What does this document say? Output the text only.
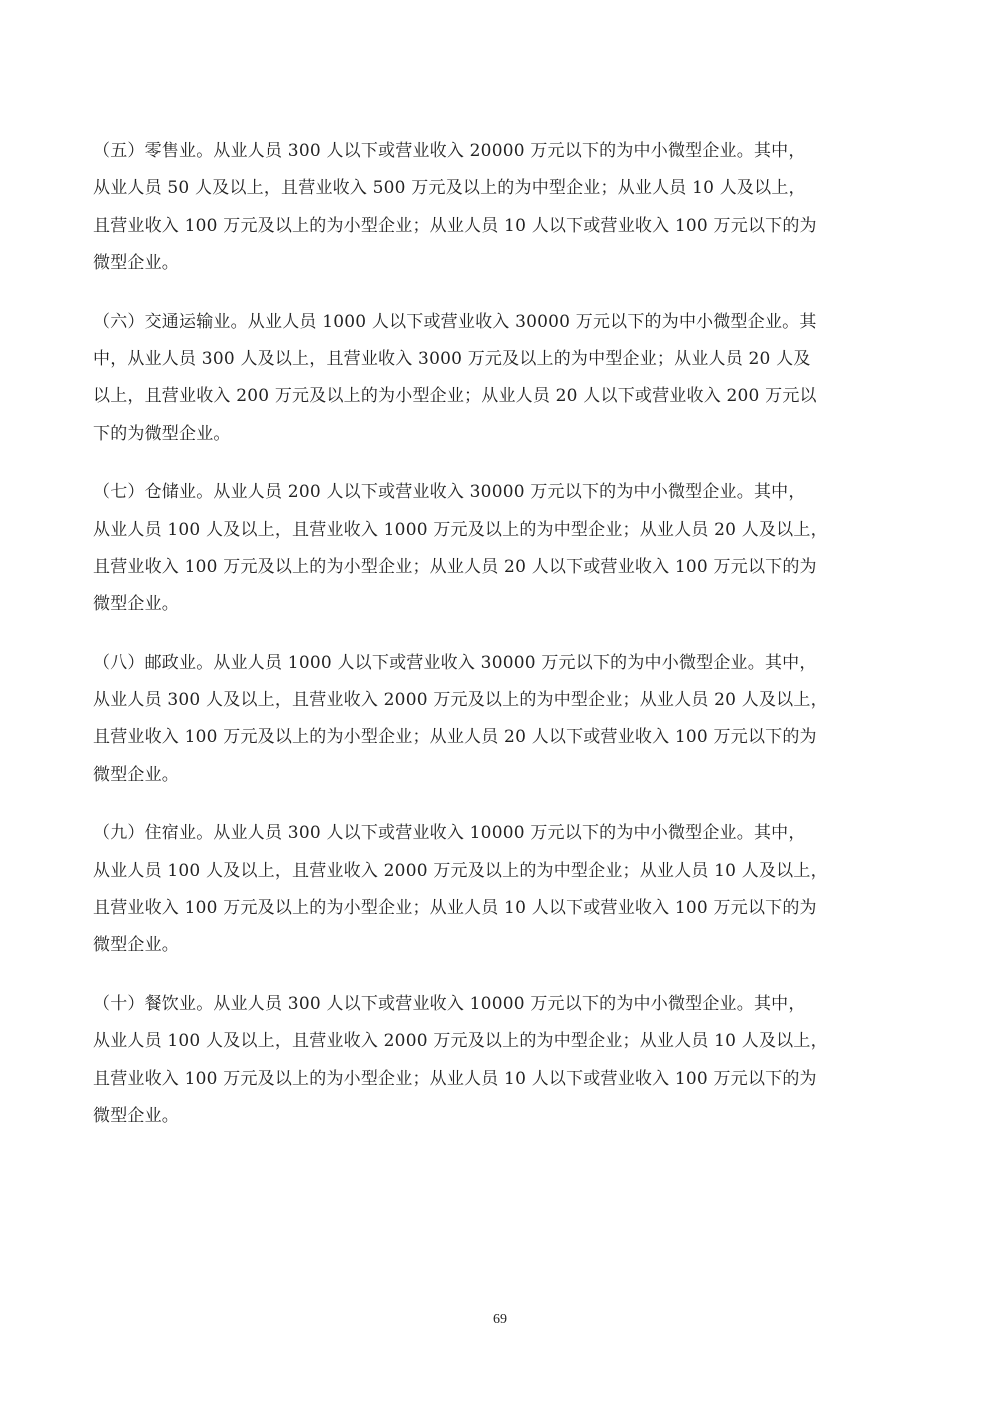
（五）零售业。从业人员 300 人以下或营业收入 20000 万元以下的为中小微型企业。其中，
从业人员 50 人及以上，且营业收入 500 万元及以上的为中型企业；从业人员 10 人及以上，
且营业收入 100 万元及以上的为小型企业；从业人员 10 人以下或营业收入 100 万元以下的为
微型企业。
（六）交通运输业。从业人员 1000 人以下或营业收入 30000 万元以下的为中小微型企业。其
中，从业人员 300 人及以上，且营业收入 3000 万元及以上的为中型企业；从业人员 20 人及
以上，且营业收入 200 万元及以上的为小型企业；从业人员 20 人以下或营业收入 200 万元以
下的为微型企业。
（七）仓储业。从业人员 200 人以下或营业收入 30000 万元以下的为中小微型企业。其中，
从业人员 100 人及以上，且营业收入 1000 万元及以上的为中型企业；从业人员 20 人及以上，
且营业收入 100 万元及以上的为小型企业；从业人员 20 人以下或营业收入 100 万元以下的为
微型企业。
（八）邮政业。从业人员 1000 人以下或营业收入 30000 万元以下的为中小微型企业。其中，
从业人员 300 人及以上，且营业收入 2000 万元及以上的为中型企业；从业人员 20 人及以上，
且营业收入 100 万元及以上的为小型企业；从业人员 20 人以下或营业收入 100 万元以下的为
微型企业。
（九）住宿业。从业人员 300 人以下或营业收入 10000 万元以下的为中小微型企业。其中，
从业人员 100 人及以上，且营业收入 2000 万元及以上的为中型企业；从业人员 10 人及以上，
且营业收入 100 万元及以上的为小型企业；从业人员 10 人以下或营业收入 100 万元以下的为
微型企业。
（十）餐饮业。从业人员 300 人以下或营业收入 10000 万元以下的为中小微型企业。其中，
从业人员 100 人及以上，且营业收入 2000 万元及以上的为中型企业；从业人员 10 人及以上，
且营业收入 100 万元及以上的为小型企业；从业人员 10 人以下或营业收入 100 万元以下的为
微型企业。
69
